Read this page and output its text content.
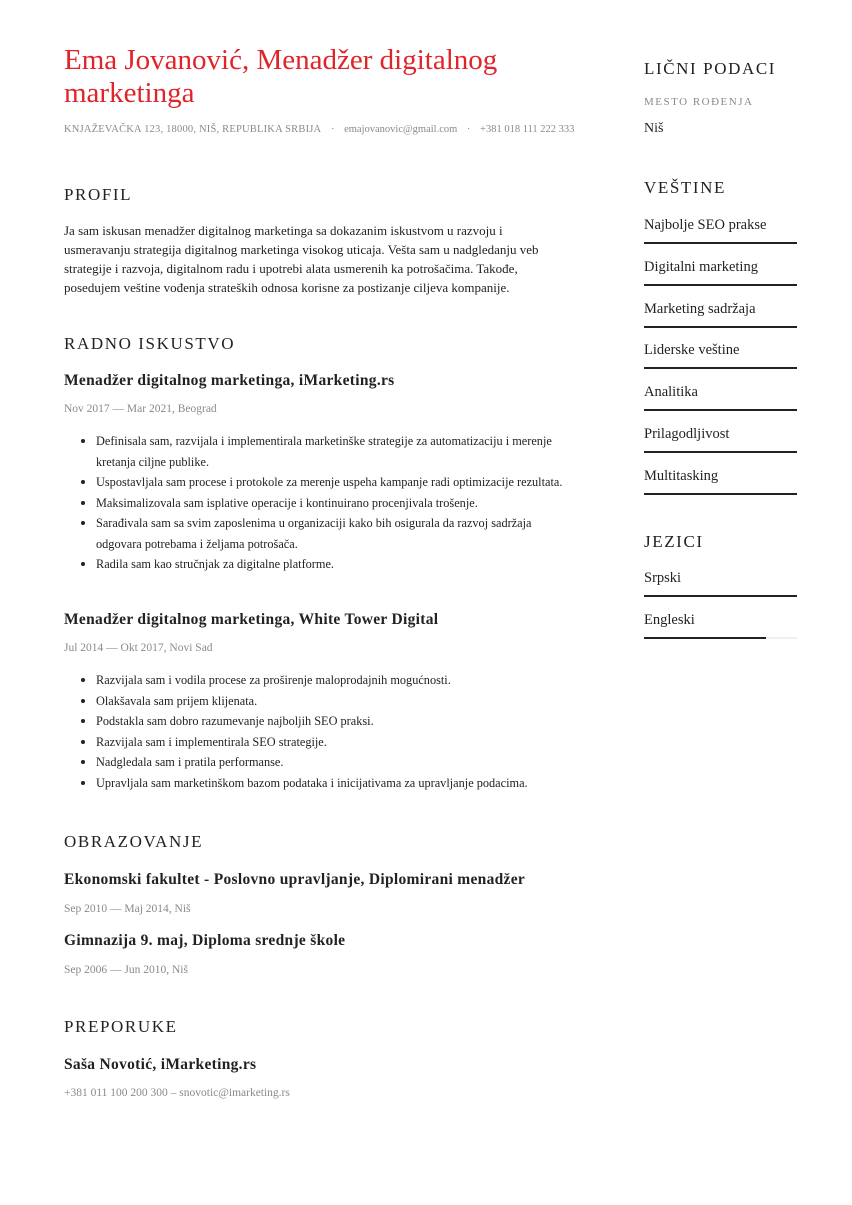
Ema Jovanović, Menadžer digitalnog marketinga
KNJAŽEVAČKA 123, 18000, NIŠ, REPUBLIKA SRBIJA · emajovanovic@gmail.com · +381 018 111 222 333
PROFIL

Ja sam iskusan menadžer digitalnog marketinga sa dokazanim iskustvom u razvoju i usmeravanju strategija digitalnog marketinga visokog uticaja. Vešta sam u nadgledanju veb strategije i razvoja, digitalnom radu i upotrebi alata usmerenih ka potrošačima. Takođe, posedujem veštine vođenja strateških odnosa korisne za postizanje ciljeva kompanije.

RADNO ISKUSTVO
Menadžer digitalnog marketinga, iMarketing.rs
Nov 2017 — Mar 2021, Beograd
Definisala sam, razvijala i implementirala marketinške strategije za automatizaciju i merenje kretanja ciljne publike.
Uspostavljala sam procese i protokole za merenje uspeha kampanje radi optimizacije rezultata.
Maksimalizovala sam isplative operacije i kontinuirano procenjivala trošenje.
Sarađivala sam sa svim zaposlenima u organizaciji kako bih osigurala da razvoj sadržaja odgovara potrebama i željama potrošača.
Radila sam kao stručnjak za digitalne platforme.
Menadžer digitalnog marketinga, White Tower Digital
Jul 2014 — Okt 2017, Novi Sad
Razvijala sam i vodila procese za proširenje maloprodajnih mogućnosti.
Olakšavala sam prijem klijenata.
Podstakla sam dobro razumevanje najboljih SEO praksi.
Razvijala sam i implementirala SEO strategije.
Nadgledala sam i pratila performanse.
Upravljala sam marketinškom bazom podataka i inicijativama za upravljanje podacima.
OBRAZOVANJE
Ekonomski fakultet - Poslovno upravljanje, Diplomirani menadžer
Sep 2010 — Maj 2014, Niš
Gimnazija 9. maj, Diploma srednje škole
Sep 2006 — Jun 2010, Niš
PREPORUKE
Saša Novotić, iMarketing.rs
+381 011 100 200 300 – snovotic@imarketing.rs
LIČNI PODACI
MESTO ROĐENJA
Niš
VEŠTINE
Najbolje SEO prakse
Digitalni marketing
Marketing sadržaja
Liderske veštine
Analitika
Prilagodljivost
Multitasking
JEZICI
Srpski
Engleski
